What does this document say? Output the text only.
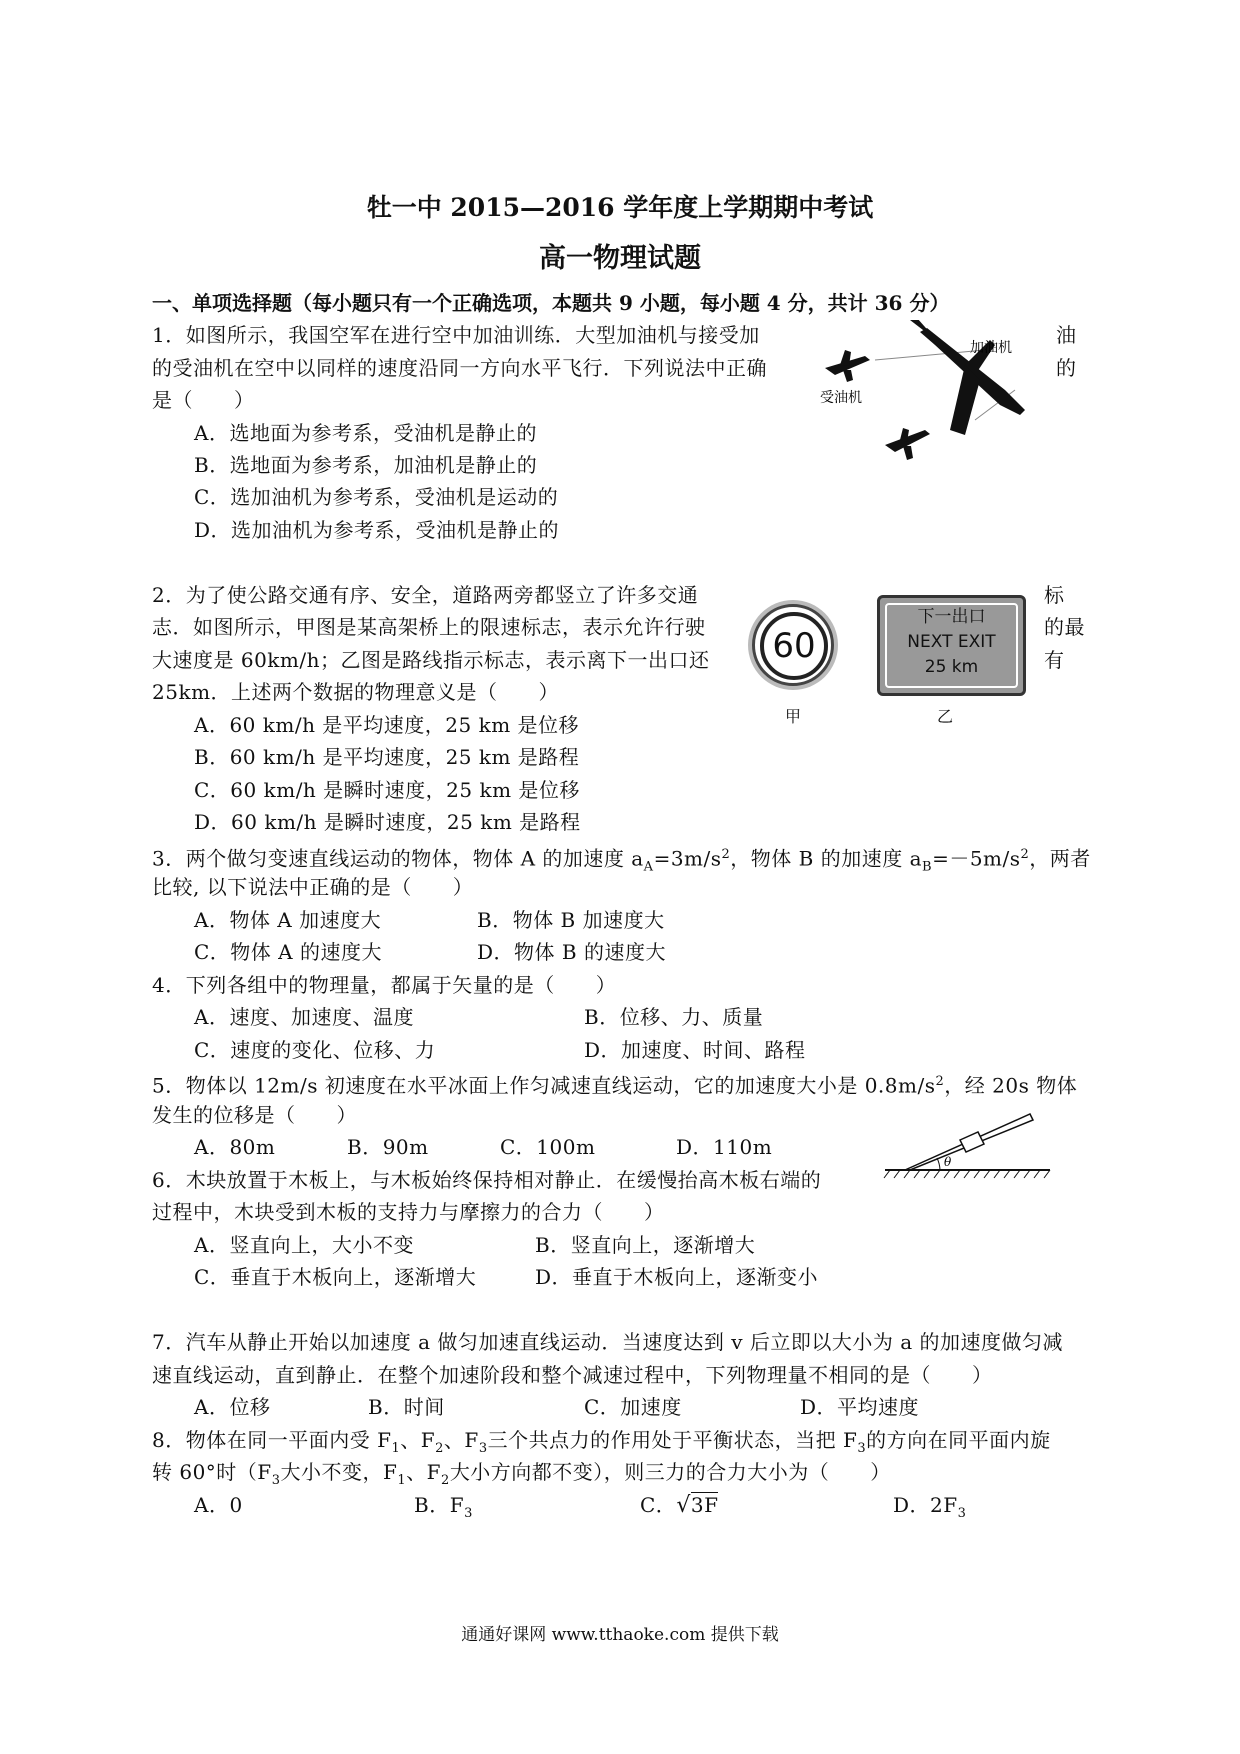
牡一中 2015—2016 学年度上学期期中考试
高一物理试题
一、单项选择题（每小题只有一个正确选项，本题共 9 小题，每小题 4 分，共计 36 分）
1．如图所示，我国空军在进行空中加油训练．大型加油机与接受加
的受油机在空中以同样的速度沿同一方向水平飞行．下列说法中正确
是（　　）
油
的
A．选地面为参考系，受油机是静止的
B．选地面为参考系，加油机是静止的
C．选加油机为参考系，受油机是运动的
D．选加油机为参考系，受油机是静止的
加油机
受油机
2．为了使公路交通有序、安全，道路两旁都竖立了许多交通
志．如图所示，甲图是某高架桥上的限速标志，表示允许行驶
大速度是 60km/h；乙图是路线指示标志，表示离下一出口还
25km．上述两个数据的物理意义是（　　）
标
的最
有
A．60 km/h 是平均速度，25 km 是位移
B．60 km/h 是平均速度，25 km 是路程
C．60 km/h 是瞬时速度，25 km 是位移
D．60 km/h 是瞬时速度，25 km 是路程
60
下一出口
NEXT EXIT
25 km
甲	乙
3．两个做匀变速直线运动的物体，物体 A 的加速度 $a_A=3m/s^2$，物体 B 的加速度 $a_B=-5m/s^2$，两者
比较, 以下说法中正确的是（　　）
A．物体 A 加速度大	B．物体 B 加速度大
C．物体 A 的速度大	D．物体 B 的速度大
4．下列各组中的物理量，都属于矢量的是（　　）
A．速度、加速度、温度	B．位移、力、质量
C．速度的变化、位移、力	D．加速度、时间、路程
5．物体以 12m/s 初速度在水平冰面上作匀减速直线运动，它的加速度大小是 $0.8m/s^2$，经 20s 物体
发生的位移是（　　）
A．80m	B．90m	C．100m	D．110m
θ
6．木块放置于木板上，与木板始终保持相对静止．在缓慢抬高木板右端的
过程中，木块受到木板的支持力与摩擦力的合力（　　）
A．竖直向上，大小不变	B．竖直向上，逐渐增大
C．垂直于木板向上，逐渐增大	D．垂直于木板向上，逐渐变小
7．汽车从静止开始以加速度 a 做匀加速直线运动．当速度达到 v 后立即以大小为 a 的加速度做匀减
速直线运动，直到静止．在整个加速阶段和整个减速过程中，下列物理量不相同的是（　　）
A．位移	B．时间	C．加速度	D．平均速度
8．物体在同一平面内受 $F_1$、$F_2$、$F_3$三个共点力的作用处于平衡状态，当把 $F_3$的方向在同平面内旋
转 60°时（$F_3$大小不变，$F_1$、$F_2$大小方向都不变），则三力的合力大小为（　　）
A．0	B．$F_3$	C．√3F	D．$2F_3$
通通好课网 www.tthaoke.com 提供下载
